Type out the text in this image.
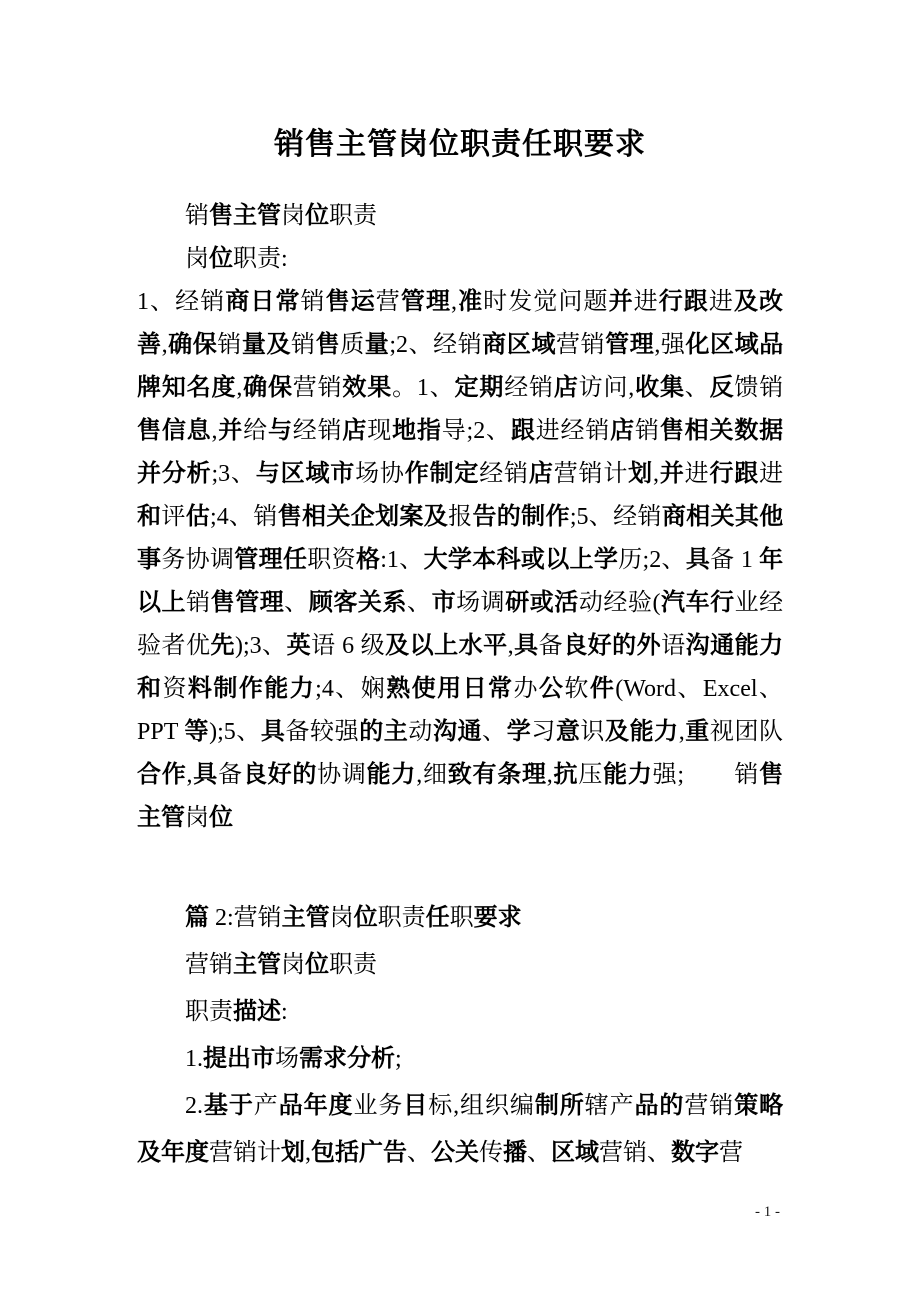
销售主管岗位职责任职要求

销售主管岗位职责

岗位职责:

1、经销商日常销售运营管理,准时发觉问题并进行跟进及改善,确保销量及销售质量;2、经销商区域营销管理,强化区域品牌知名度,确保营销效果。1、定期经销店访问,收集、反馈销售信息,并给与经销店现地指导;2、跟进经销店销售相关数据并分析;3、与区域市场协作制定经销店营销计划,并进行跟进和评估;4、销售相关企划案及报告的制作;5、经销商相关其他事务协调管理任职资格:1、大学本科或以上学历;2、具备 1 年以上销售管理、顾客关系、市场调研或活动经验(汽车行业经验者优先);3、英语 6 级及以上水平,具备良好的外语沟通能力和资料制作能力;4、娴熟使用日常办公软件(Word、Excel、PPT 等);5、具备较强的主动沟通、学习意识及能力,重视团队合作,具备良好的协调能力,细致有条理,抗压能力强;　　销售主管岗位

篇 2:营销主管岗位职责任职要求

营销主管岗位职责

职责描述:

1.提出市场需求分析;

2.基于产品年度业务目标,组织编制所辖产品的营销策略及年度营销计划,包括广告、公关传播、区域营销、数字营

- 1 -
